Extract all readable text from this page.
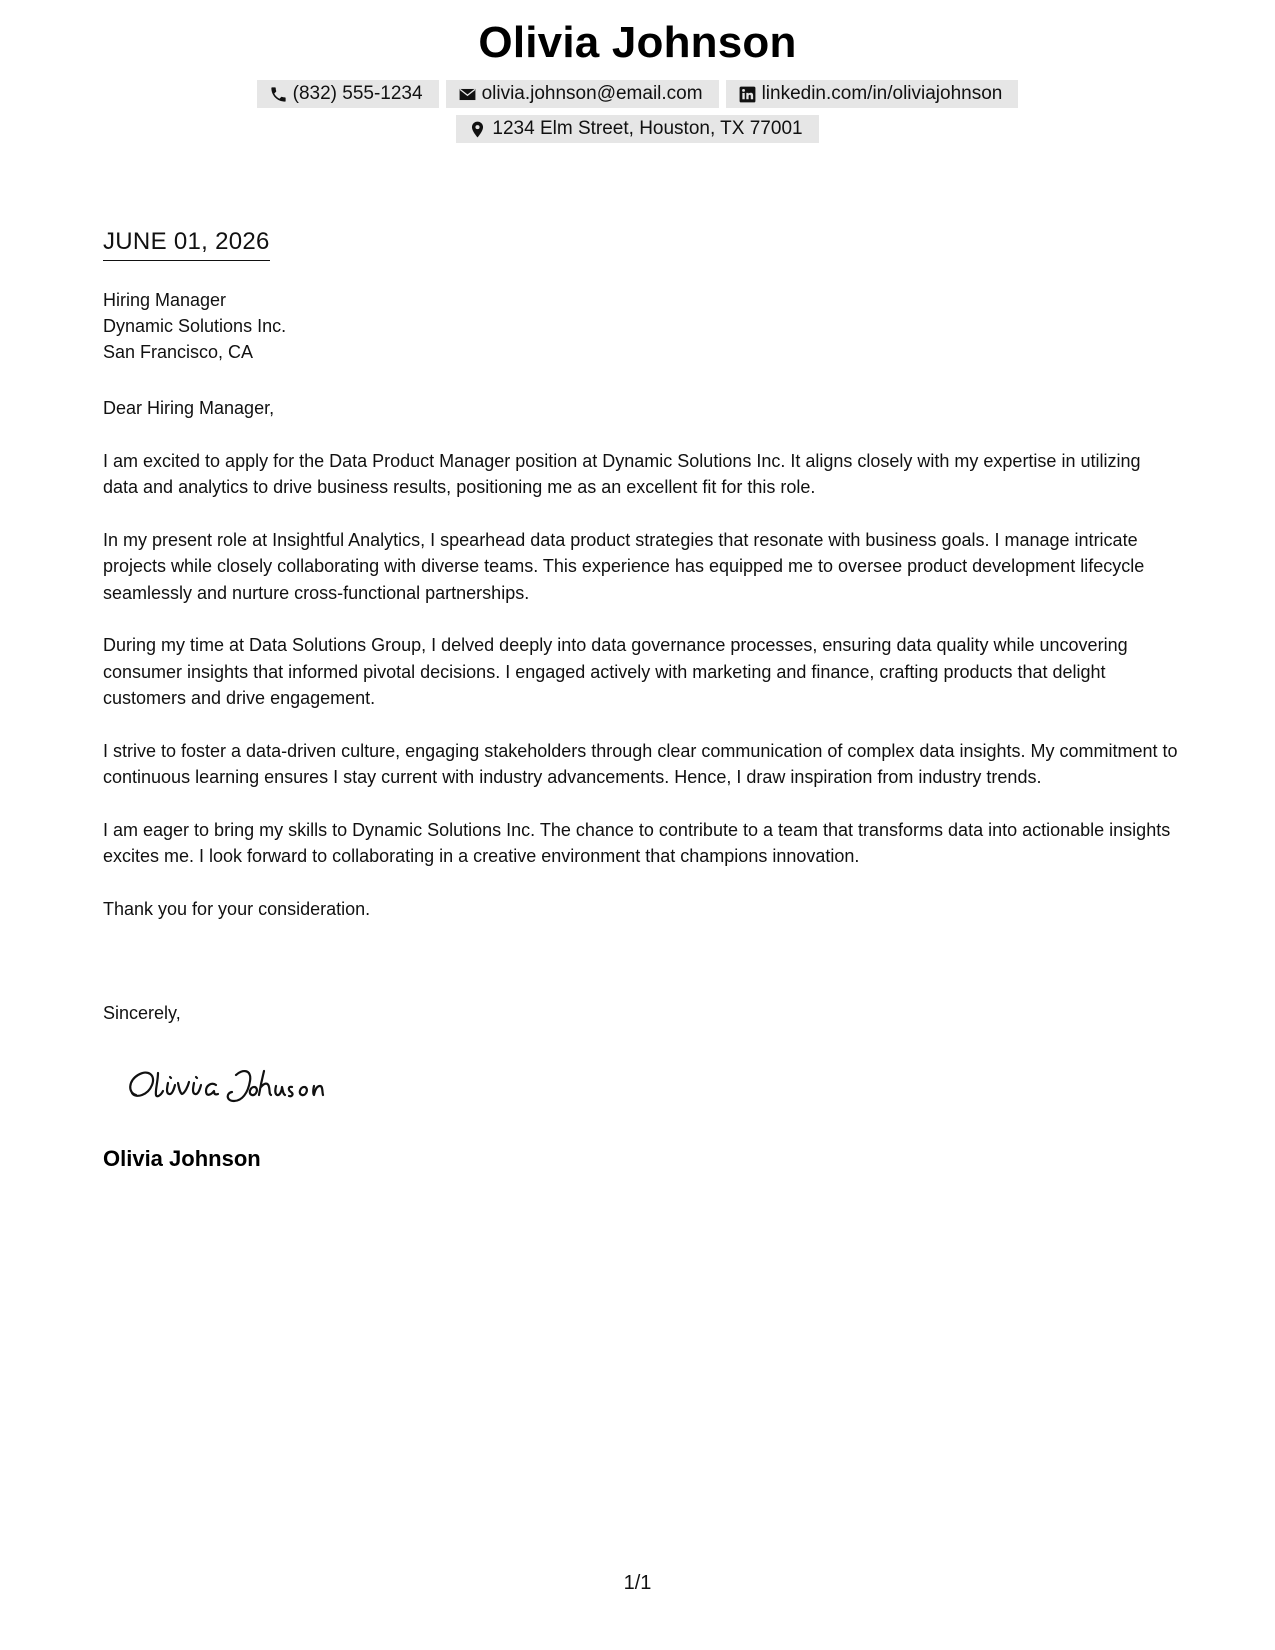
Olivia Johnson
(832) 555-1234	olivia.johnson@email.com	linkedin.com/in/oliviajohnson
1234 Elm Street, Houston, TX 77001
JUNE 01, 2026
Hiring Manager
Dynamic Solutions Inc.
San Francisco, CA

Dear Hiring Manager,

I am excited to apply for the Data Product Manager position at Dynamic Solutions Inc. It aligns closely with my expertise in utilizing data and analytics to drive business results, positioning me as an excellent fit for this role.

In my present role at Insightful Analytics, I spearhead data product strategies that resonate with business goals. I manage intricate projects while closely collaborating with diverse teams. This experience has equipped me to oversee product development lifecycle seamlessly and nurture cross-functional partnerships.

During my time at Data Solutions Group, I delved deeply into data governance processes, ensuring data quality while uncovering consumer insights that informed pivotal decisions. I engaged actively with marketing and finance, crafting products that delight customers and drive engagement.

I strive to foster a data-driven culture, engaging stakeholders through clear communication of complex data insights. My commitment to continuous learning ensures I stay current with industry advancements. Hence, I draw inspiration from industry trends.

I am eager to bring my skills to Dynamic Solutions Inc. The chance to contribute to a team that transforms data into actionable insights excites me. I look forward to collaborating in a creative environment that champions innovation.

Thank you for your consideration.

Sincerely,
Olivia Johnson
1/1
